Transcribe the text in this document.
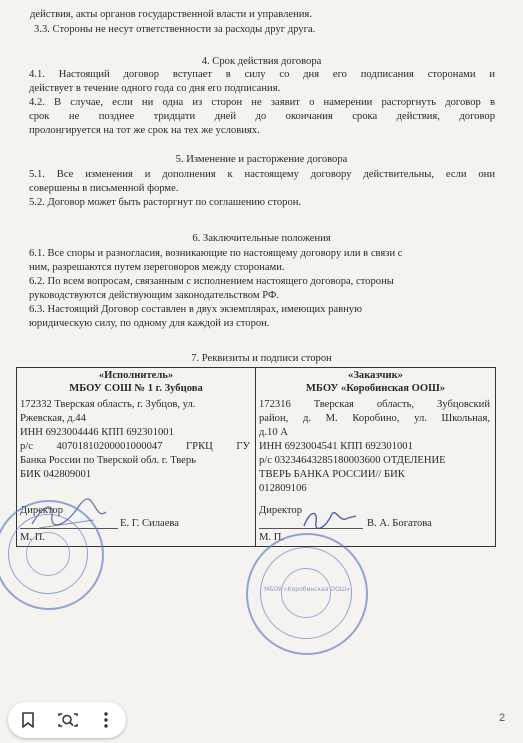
действия, акты органов государственной власти и управления.
3.3. Стороны не несут ответственности за расходы друг друга.
4. Срок действия договора
4.1. Настоящий договор вступает в силу со дня его подписания сторонами и
действует в течение одного года со дня его подписания.
4.2. В случае, если ни одна из сторон не заявит о намерении расторгнуть договор в
срок не позднее тридцати дней до окончания срока действия, договор
пролонгируется на тот же срок на тех же условиях.
5. Изменение и расторжение договора
5.1. Все изменения и дополнения к настоящему договору действительны, если они
совершены в письменной форме.
5.2. Договор может быть расторгнут по соглашению сторон.
6. Заключительные положения
6.1. Все споры и разногласия, возникающие по настоящему договору или в связи с
ним, разрешаются путем переговоров между сторонами.
6.2. По всем вопросам, связанным с исполнением настоящего договора, стороны
руководствуются действующим законодательством РФ.
6.3. Настоящий Договор составлен в двух экземплярах, имеющих равную
юридическую силу, по одному для каждой из сторон.
7. Реквизиты и подписи сторон
«Исполнитель»
МБОУ СОШ № 1 г. Зубцова
172332 Тверская область, г. Зубцов, ул.
Ржевская, д.44
ИНН 6923004446 КПП 692301001
р/с 40701810200001000047 ГРКЦ ГУ
Банка России по Тверской обл. г. Тверь
БИК 042809001
Директор
Е. Г. Силаева
М. П.
«Заказчик»
МБОУ «Коробинская ООШ»
172316 Тверская область, Зубцовский
район, д. М. Коробино, ул. Школьная,
д.10 А
ИНН 6923004541 КПП 692301001
р/с 03234643285180003600 ОТДЕЛЕНИЕ
ТВЕРЬ БАНКА РОССИИ// БИК
012809106
Директор
В. А. Богатова
М. П.
МБОУ «Коробинская ООШ»
2
